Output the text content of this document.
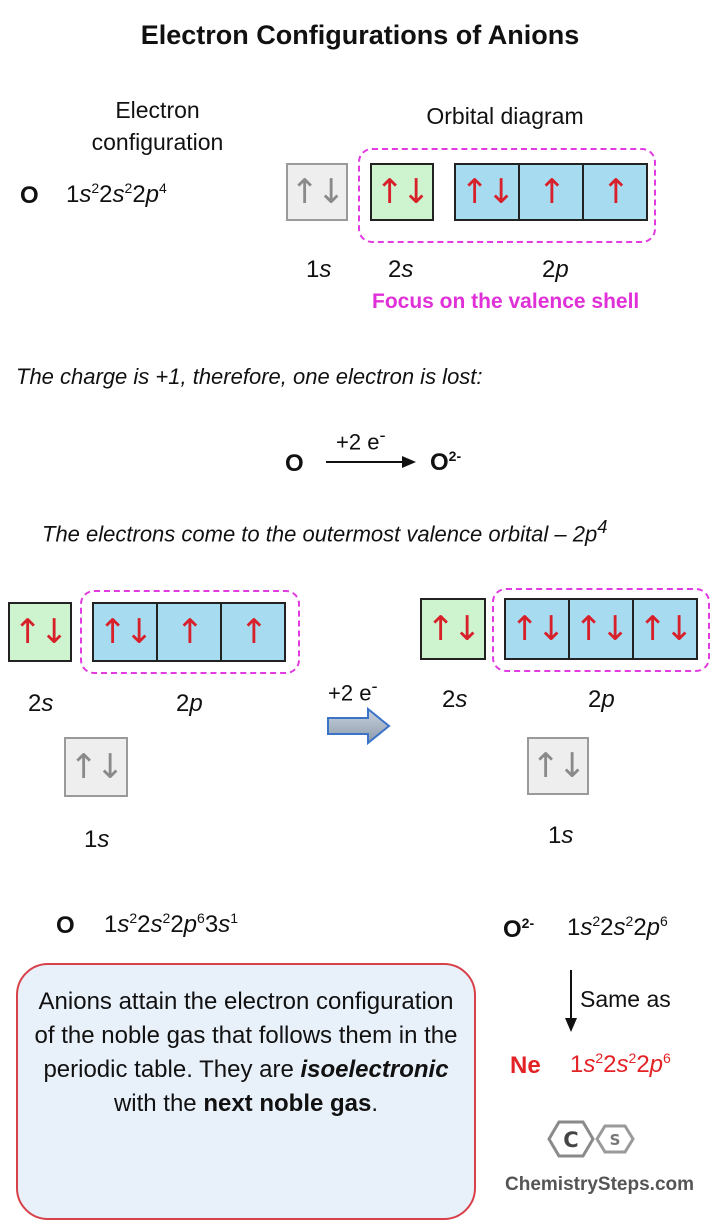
Electron Configurations of Anions
Electron configuration
Orbital diagram
O $1s^22s^22p^4$	↑↓ ↑↓ ↑↓ ↑	↑
1s 2s	2p
Focus on the valence shell
The charge is +1, therefore, one electron is lost:
O
+2 e-
$O^{2-}$
The electrons come to the outermost valence orbital – $2p^4$
↑↓ ↑↓ ↑	↑
2s	2p
↑↓
1s
+2 e-
↑↓ ↑↓ ↑↓ ↑↓
2s	2p
↑↓
1s
O $1s^22s^22p^63s^1$	$O^{2-}$ $1s^22s^22p^6$
Same as
Ne $1s^22s^22p^6$
Anions attain the electron configuration of the noble gas that follows them in the periodic table. They are isoelectronic with the next noble gas.
C S
ChemistrySteps.com
